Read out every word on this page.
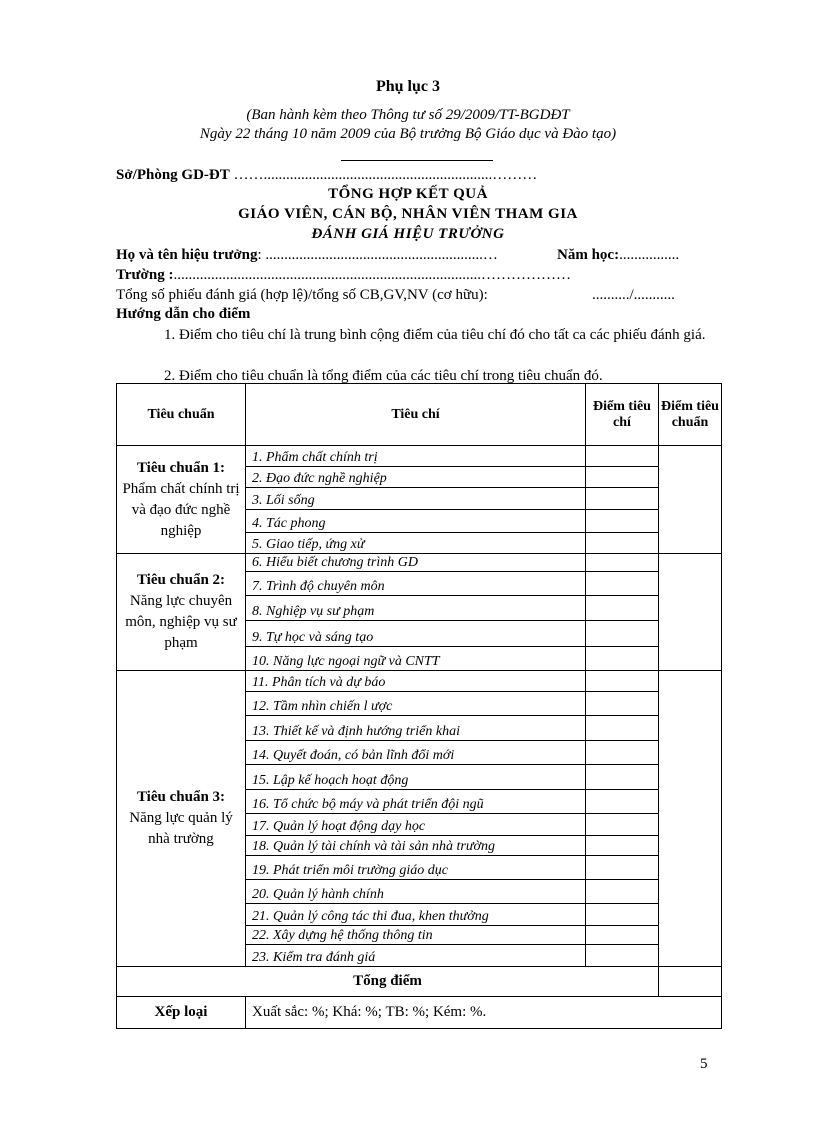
Phụ lục 3
(Ban hành kèm theo Thông tư số 29/2009/TT-BGDĐT
Ngày 22 tháng 10 năm 2009 của Bộ trưởng Bộ Giáo dục và Đào tạo)
Sở/Phòng GD-ĐT …….............................................................………
TỔNG HỢP KẾT QUẢ
GIÁO VIÊN, CÁN BỘ, NHÂN VIÊN THAM GIA
ĐÁNH GIÁ HIỆU TRƯỞNG
Họ và tên hiệu trưởng: ..........................................................…	Năm học:................
Trường :..................................................................................………………
Tổng số phiếu đánh giá (hợp lệ)/tổng số CB,GV,NV (cơ hữu):	........../...........
Hướng dẫn cho điểm
1. Điểm cho tiêu chí là trung bình cộng điểm của tiêu chí đó cho tất ca các phiếu đánh giá.
2. Điểm cho tiêu chuẩn là tổng điểm của các tiêu chí trong tiêu chuẩn đó.
Tiêu chuẩn	Tiêu chí	Điểm tiêu chí	Điểm tiêu chuẩn

Tiêu chuẩn 1:
Phẩm chất chính trị và đạo đức nghề nghiệp	1. Phẩm chất chính trị		
	2. Đạo đức nghề nghiệp		
	3. Lối sống		
	4. Tác phong		
	5. Giao tiếp, ứng xử		

Tiêu chuẩn 2:
Năng lực chuyên môn, nghiệp vụ sư phạm	6. Hiểu biết chương trình GD		
	7. Trình độ chuyên môn		
	8. Nghiệp vụ sư phạm		
	9. Tự học và sáng tạo		
	10. Năng lực ngoại ngữ và CNTT		

Tiêu chuẩn 3:
Năng lực quản lý nhà trường	11. Phân tích và dự báo		
	12. Tầm nhìn chiến l ược		
	13. Thiết kế và định hướng triển khai		
	14. Quyết đoán, có bản lĩnh đổi mới		
	15. Lập kế hoạch hoạt động		
	16. Tổ chức bộ máy và phát triển đội ngũ		
	17. Quản lý hoạt động dạy học		
	18. Quản lý tài chính và tài sản nhà trường		
	19. Phát triển môi trường giáo dục		
	20. Quản lý hành chính		
	21. Quản lý công tác thi đua, khen thưởng		
	22. Xây dựng hệ thống thông tin		
	23. Kiểm tra đánh giá		
Tổng điểm			
Xếp loại	Xuất sắc: %; Khá: %; TB: %; Kém: %.		
5
